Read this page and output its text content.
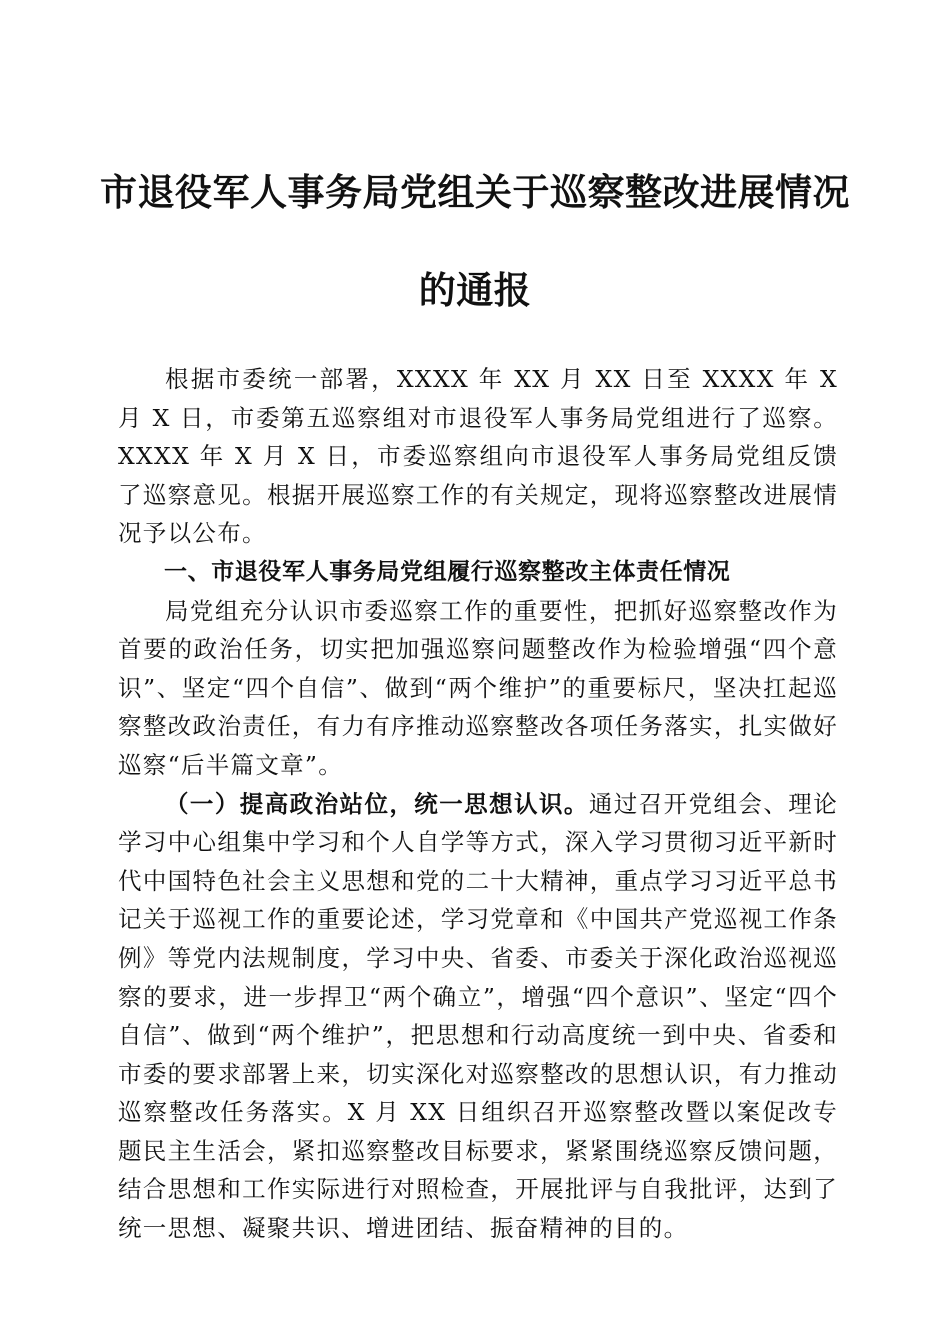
市退役军人事务局党组关于巡察整改进展情况
的通报

根据市委统一部署，XXXX 年 XX 月 XX 日至 XXXX 年 X 月 X 日，市委第五巡察组对市退役军人事务局党组进行了巡察。XXXX 年 X 月 X 日，市委巡察组向市退役军人事务局党组反馈了巡察意见。根据开展巡察工作的有关规定，现将巡察整改进展情况予以公布。

一、市退役军人事务局党组履行巡察整改主体责任情况

局党组充分认识市委巡察工作的重要性，把抓好巡察整改作为首要的政治任务，切实把加强巡察问题整改作为检验增强“四个意识”、坚定“四个自信”、做到“两个维护”的重要标尺，坚决扛起巡察整改政治责任，有力有序推动巡察整改各项任务落实，扎实做好巡察“后半篇文章”。

（一）提高政治站位，统一思想认识。通过召开党组会、理论学习中心组集中学习和个人自学等方式，深入学习贯彻习近平新时代中国特色社会主义思想和党的二十大精神，重点学习习近平总书记关于巡视工作的重要论述，学习党章和《中国共产党巡视工作条例》等党内法规制度，学习中央、省委、市委关于深化政治巡视巡察的要求，进一步捍卫“两个确立”，增强“四个意识”、坚定“四个自信”、做到“两个维护”，把思想和行动高度统一到中央、省委和市委的要求部署上来，切实深化对巡察整改的思想认识，有力推动巡察整改任务落实。X 月 XX 日组织召开巡察整改暨以案促改专题民主生活会，紧扣巡察整改目标要求，紧紧围绕巡察反馈问题，结合思想和工作实际进行对照检查，开展批评与自我批评，达到了统一思想、凝聚共识、增进团结、振奋精神的目的。
